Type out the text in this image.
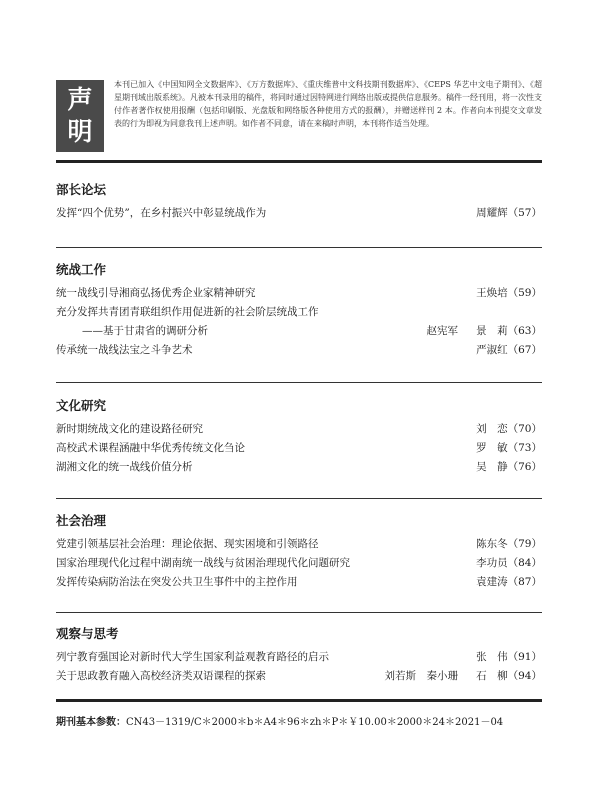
声
明
本刊已加入《中国知网全文数据库》、《万方数据库》、《重庆维普中文科技期刊数据库》、《CEPS 华艺中文电子期刊》、《超星期刊域出版系统》。凡被本刊录用的稿件，将同时通过因特网进行网络出版或提供信息服务。稿件一经刊用，将一次性支付作者著作权使用报酬（包括印刷版、光盘版和网络版各种使用方式的报酬），并赠送样刊 2 本。作者向本刊提交文章发表的行为即视为同意我刊上述声明。如作者不同意，请在来稿时声明，本刊将作适当处理。
部长论坛
发挥“四个优势”，在乡村振兴中彰显统战作为	周耀辉（57）
统战工作
统一战线引导湘商弘扬优秀企业家精神研究	王焕培（59）
充分发挥共青团青联组织作用促进新的社会阶层统战工作
——基于甘肃省的调研分析	赵宪军 景　莉（63）
传承统一战线法宝之斗争艺术	严淑红（67）
文化研究
新时期统战文化的建设路径研究	刘　恋（70）
高校武术课程涵融中华优秀传统文化刍论	罗　敏（73）
湖湘文化的统一战线价值分析	吴　静（76）
社会治理
党建引领基层社会治理：理论依据、现实困境和引领路径	陈东冬（79）
国家治理现代化过程中湖南统一战线与贫困治理现代化问题研究	李功员（84）
发挥传染病防治法在突发公共卫生事件中的主控作用	袁建涛（87）
观察与思考
列宁教育强国论对新时代大学生国家利益观教育路径的启示	张　伟（91）
关于思政教育融入高校经济类双语课程的探索	刘若斯　秦小珊 石　柳（94）
期刊基本参数：CN43－1319/C＊2000＊b＊A4＊96＊zh＊P＊￥10.00＊2000＊24＊2021－04
